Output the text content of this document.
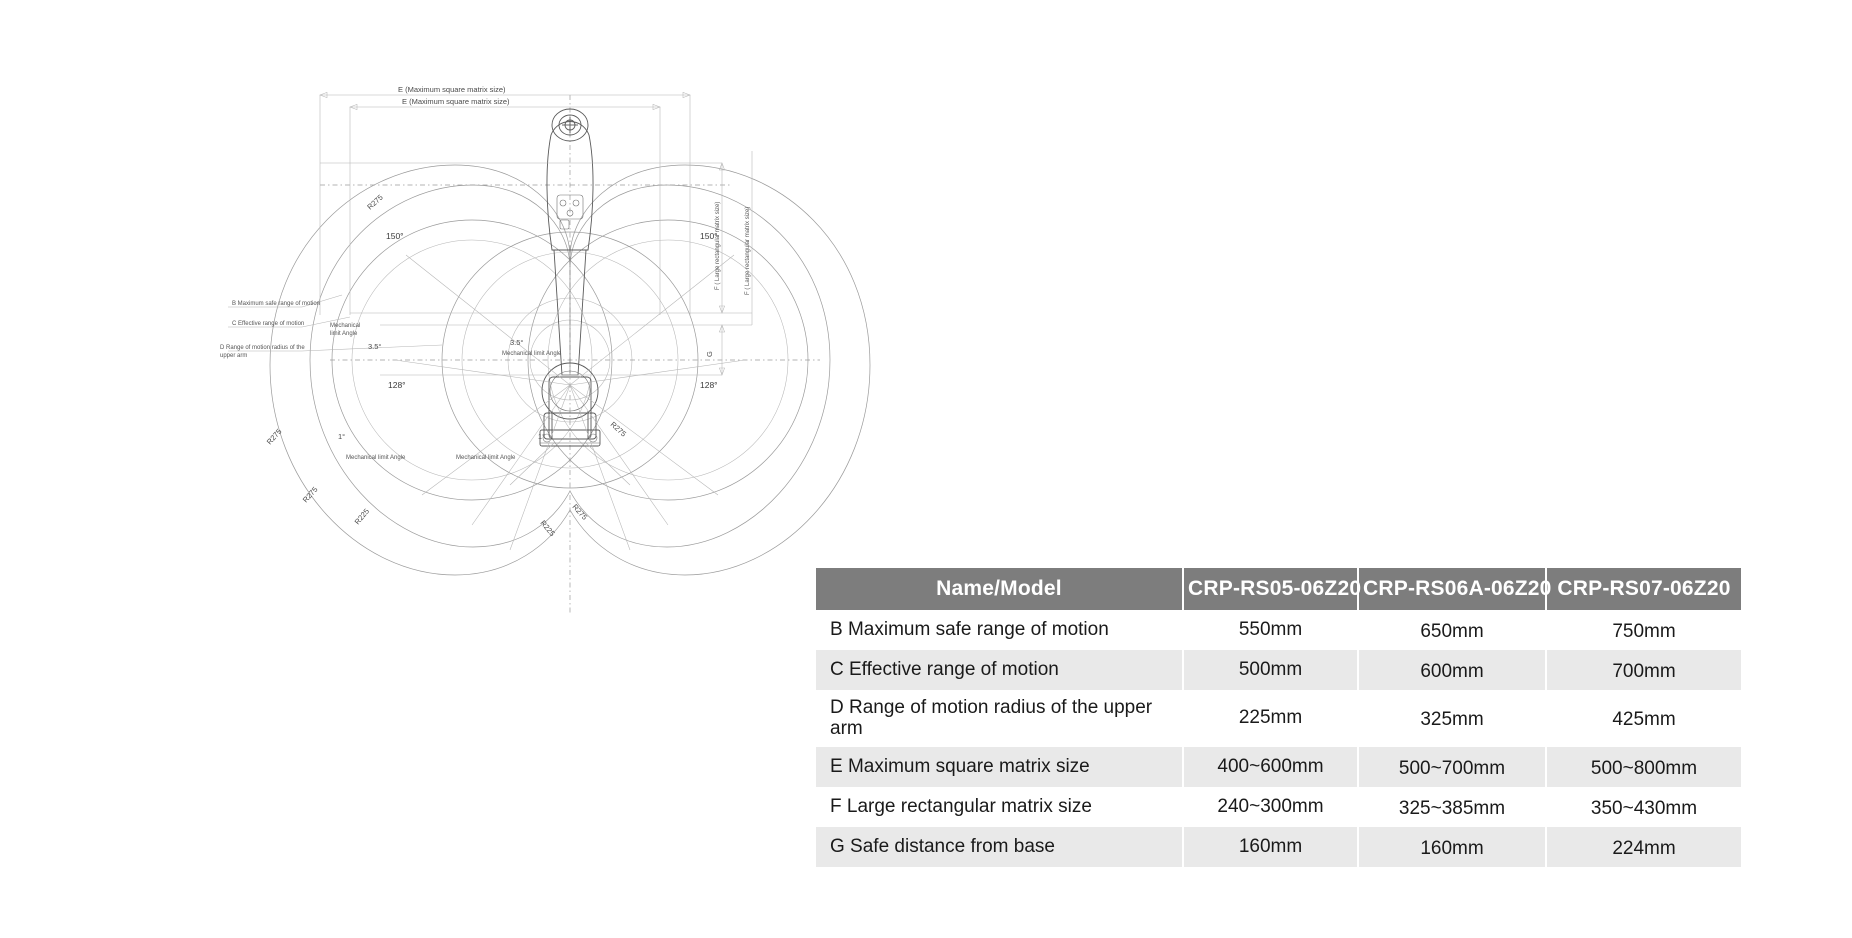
E (Maximum square matrix size)
E (Maximum square matrix size)
F ( Large rectangular matrix size)	F ( Large rectangular matrix size)
G
B Maximum safe range of motion
C Effective range of motion
D Range of motion radius of the
upper arm
150°	150°
128°	128°
3.5°	3.5°
1°	1°
Mechanical
limit Angle
Mechanical limit Angle
Mechanical limit Angle	Mechanical limit Angle
R275
R275
R275
R225
R275
R225
R275
Name/Model	CRP-RS05-06Z20	CRP-RS06A-06Z20	CRP-RS07-06Z20
B Maximum safe range of motion	550mm	650mm	750mm
C Effective range of motion	500mm	600mm	700mm
D Range of motion radius of the upper arm	225mm	325mm	425mm
E Maximum square matrix size	400~600mm	500~700mm	500~800mm
F Large rectangular matrix size	240~300mm	325~385mm	350~430mm
G Safe distance from base	160mm	160mm	224mm
